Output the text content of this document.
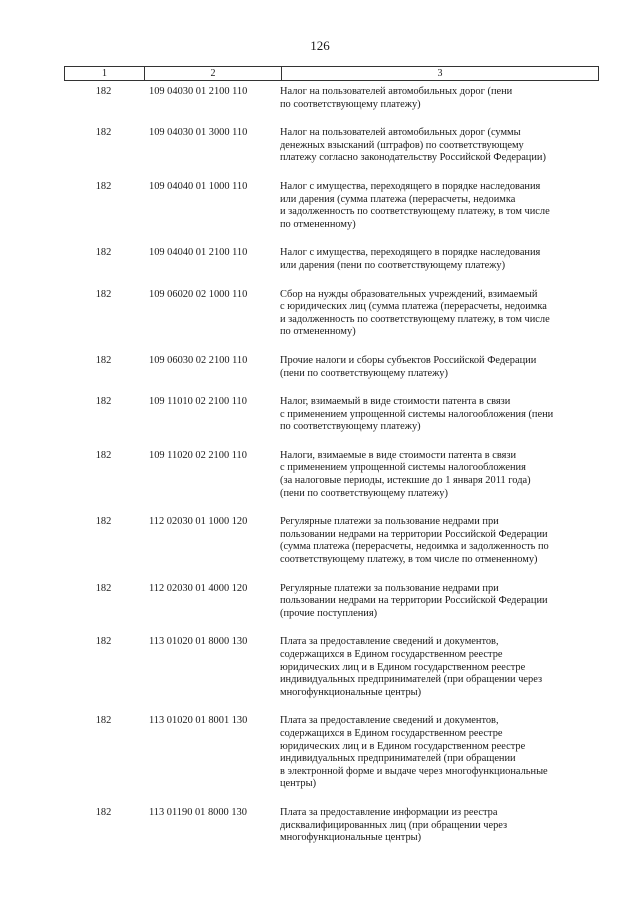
126
1	2	3
182	109 04030 01 2100 110	Налог на пользователей автомобильных дорог (пени
по соответствующему платежу)
182	109 04030 01 3000 110	Налог на пользователей автомобильных дорог (суммы
денежных взысканий (штрафов) по соответствующему
платежу согласно законодательству Российской Федерации)
182	109 04040 01 1000 110	Налог с имущества, переходящего в порядке наследования
или дарения (сумма платежа (перерасчеты, недоимка
и задолженность по соответствующему платежу, в том числе
по отмененному)
182	109 04040 01 2100 110	Налог с имущества, переходящего в порядке наследования
или дарения (пени по соответствующему платежу)
182	109 06020 02 1000 110	Сбор на нужды образовательных учреждений, взимаемый
с юридических лиц (сумма платежа (перерасчеты, недоимка
и задолженность по соответствующему платежу, в том числе
по отмененному)
182	109 06030 02 2100 110	Прочие налоги и сборы субъектов Российской Федерации
(пени по соответствующему платежу)
182	109 11010 02 2100 110	Налог, взимаемый в виде стоимости патента в связи
с применением упрощенной системы налогообложения (пени
по соответствующему платежу)
182	109 11020 02 2100 110	Налоги, взимаемые в виде стоимости патента в связи
с применением упрощенной системы налогообложения
(за налоговые периоды, истекшие до 1 января 2011 года)
(пени по соответствующему платежу)
182	112 02030 01 1000 120	Регулярные платежи за пользование недрами при
пользовании недрами на территории Российской Федерации
(сумма платежа (перерасчеты, недоимка и задолженность по
соответствующему платежу, в том числе по отмененному)
182	112 02030 01 4000 120	Регулярные платежи за пользование недрами при
пользовании недрами на территории Российской Федерации
(прочие поступления)
182	113 01020 01 8000 130	Плата за предоставление сведений и документов,
содержащихся в Едином государственном реестре
юридических лиц и в Едином государственном реестре
индивидуальных предпринимателей (при обращении через
многофункциональные центры)
182	113 01020 01 8001 130	Плата за предоставление сведений и документов,
содержащихся в Едином государственном реестре
юридических лиц и в Едином государственном реестре
индивидуальных предпринимателей (при обращении
в электронной форме и выдаче через многофункциональные
центры)
182	113 01190 01 8000 130	Плата за предоставление информации из реестра
дисквалифицированных лиц (при обращении через
многофункциональные центры)
